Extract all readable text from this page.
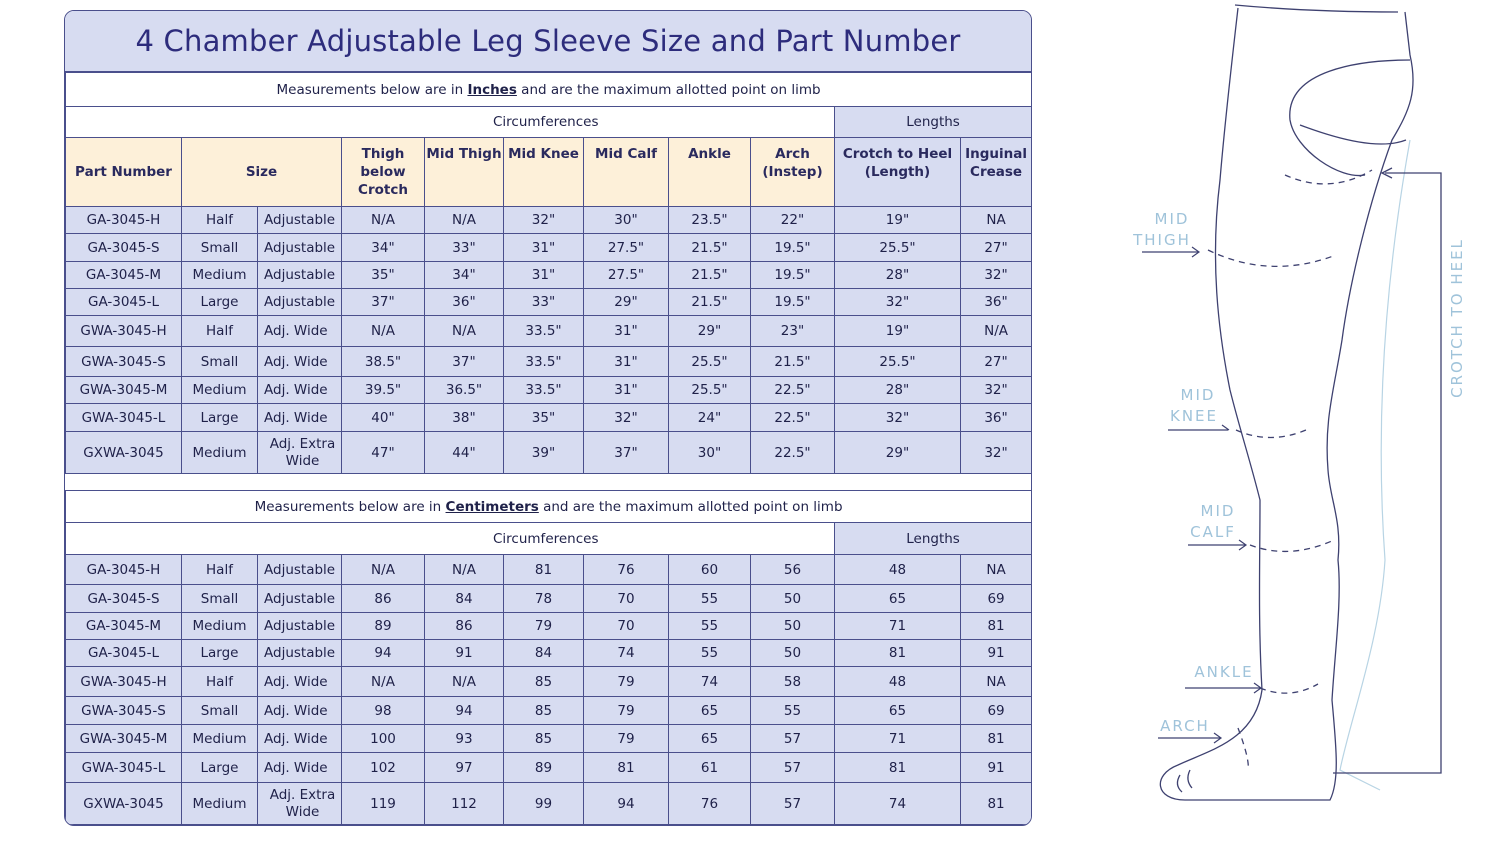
4 Chamber Adjustable Leg Sleeve Size and Part Number
Measurements below are in Inches and are the maximum allotted point on limb										
		Circumferences							Lengths	
Part Number	Size		Thigh below Crotch	Mid Thigh	Mid Knee	Mid Calf	Ankle	Arch (Instep)	Crotch to Heel (Length)	Inguinal Crease
GA-3045-H	Half	Adjustable	N/A	N/A	32"	30"	23.5"	22"	19"	NA
GA-3045-S	Small	Adjustable	34"	33"	31"	27.5"	21.5"	19.5"	25.5"	27"
GA-3045-M	Medium	Adjustable	35"	34"	31"	27.5"	21.5"	19.5"	28"	32"
GA-3045-L	Large	Adjustable	37"	36"	33"	29"	21.5"	19.5"	32"	36"
GWA-3045-H	Half	Adj. Wide	N/A	N/A	33.5"	31"	29"	23"	19"	N/A
GWA-3045-S	Small	Adj. Wide	38.5"	37"	33.5"	31"	25.5"	21.5"	25.5"	27"
GWA-3045-M	Medium	Adj. Wide	39.5"	36.5"	33.5"	31"	25.5"	22.5"	28"	32"
GWA-3045-L	Large	Adj. Wide	40"	38"	35"	32"	24"	22.5"	32"	36"
GXWA-3045	Medium	Adj. Extra Wide	47"	44"	39"	37"	30"	22.5"	29"	32"

Measurements below are in Centimeters and are the maximum allotted point on limb										
		Circumferences							Lengths	
GA-3045-H	Half	Adjustable	N/A	N/A	81	76	60	56	48	NA
GA-3045-S	Small	Adjustable	86	84	78	70	55	50	65	69
GA-3045-M	Medium	Adjustable	89	86	79	70	55	50	71	81
GA-3045-L	Large	Adjustable	94	91	84	74	55	50	81	91
GWA-3045-H	Half	Adj. Wide	N/A	N/A	85	79	74	58	48	NA
GWA-3045-S	Small	Adj. Wide	98	94	85	79	65	55	65	69
GWA-3045-M	Medium	Adj. Wide	100	93	85	79	65	57	71	81
GWA-3045-L	Large	Adj. Wide	102	97	89	81	61	57	81	91
GXWA-3045	Medium	Adj. Extra Wide	119	112	99	94	76	57	74	81
MID
THIGH
MID
KNEE
MID
CALF
ANKLE
ARCH
CROTCH TO HEEL
